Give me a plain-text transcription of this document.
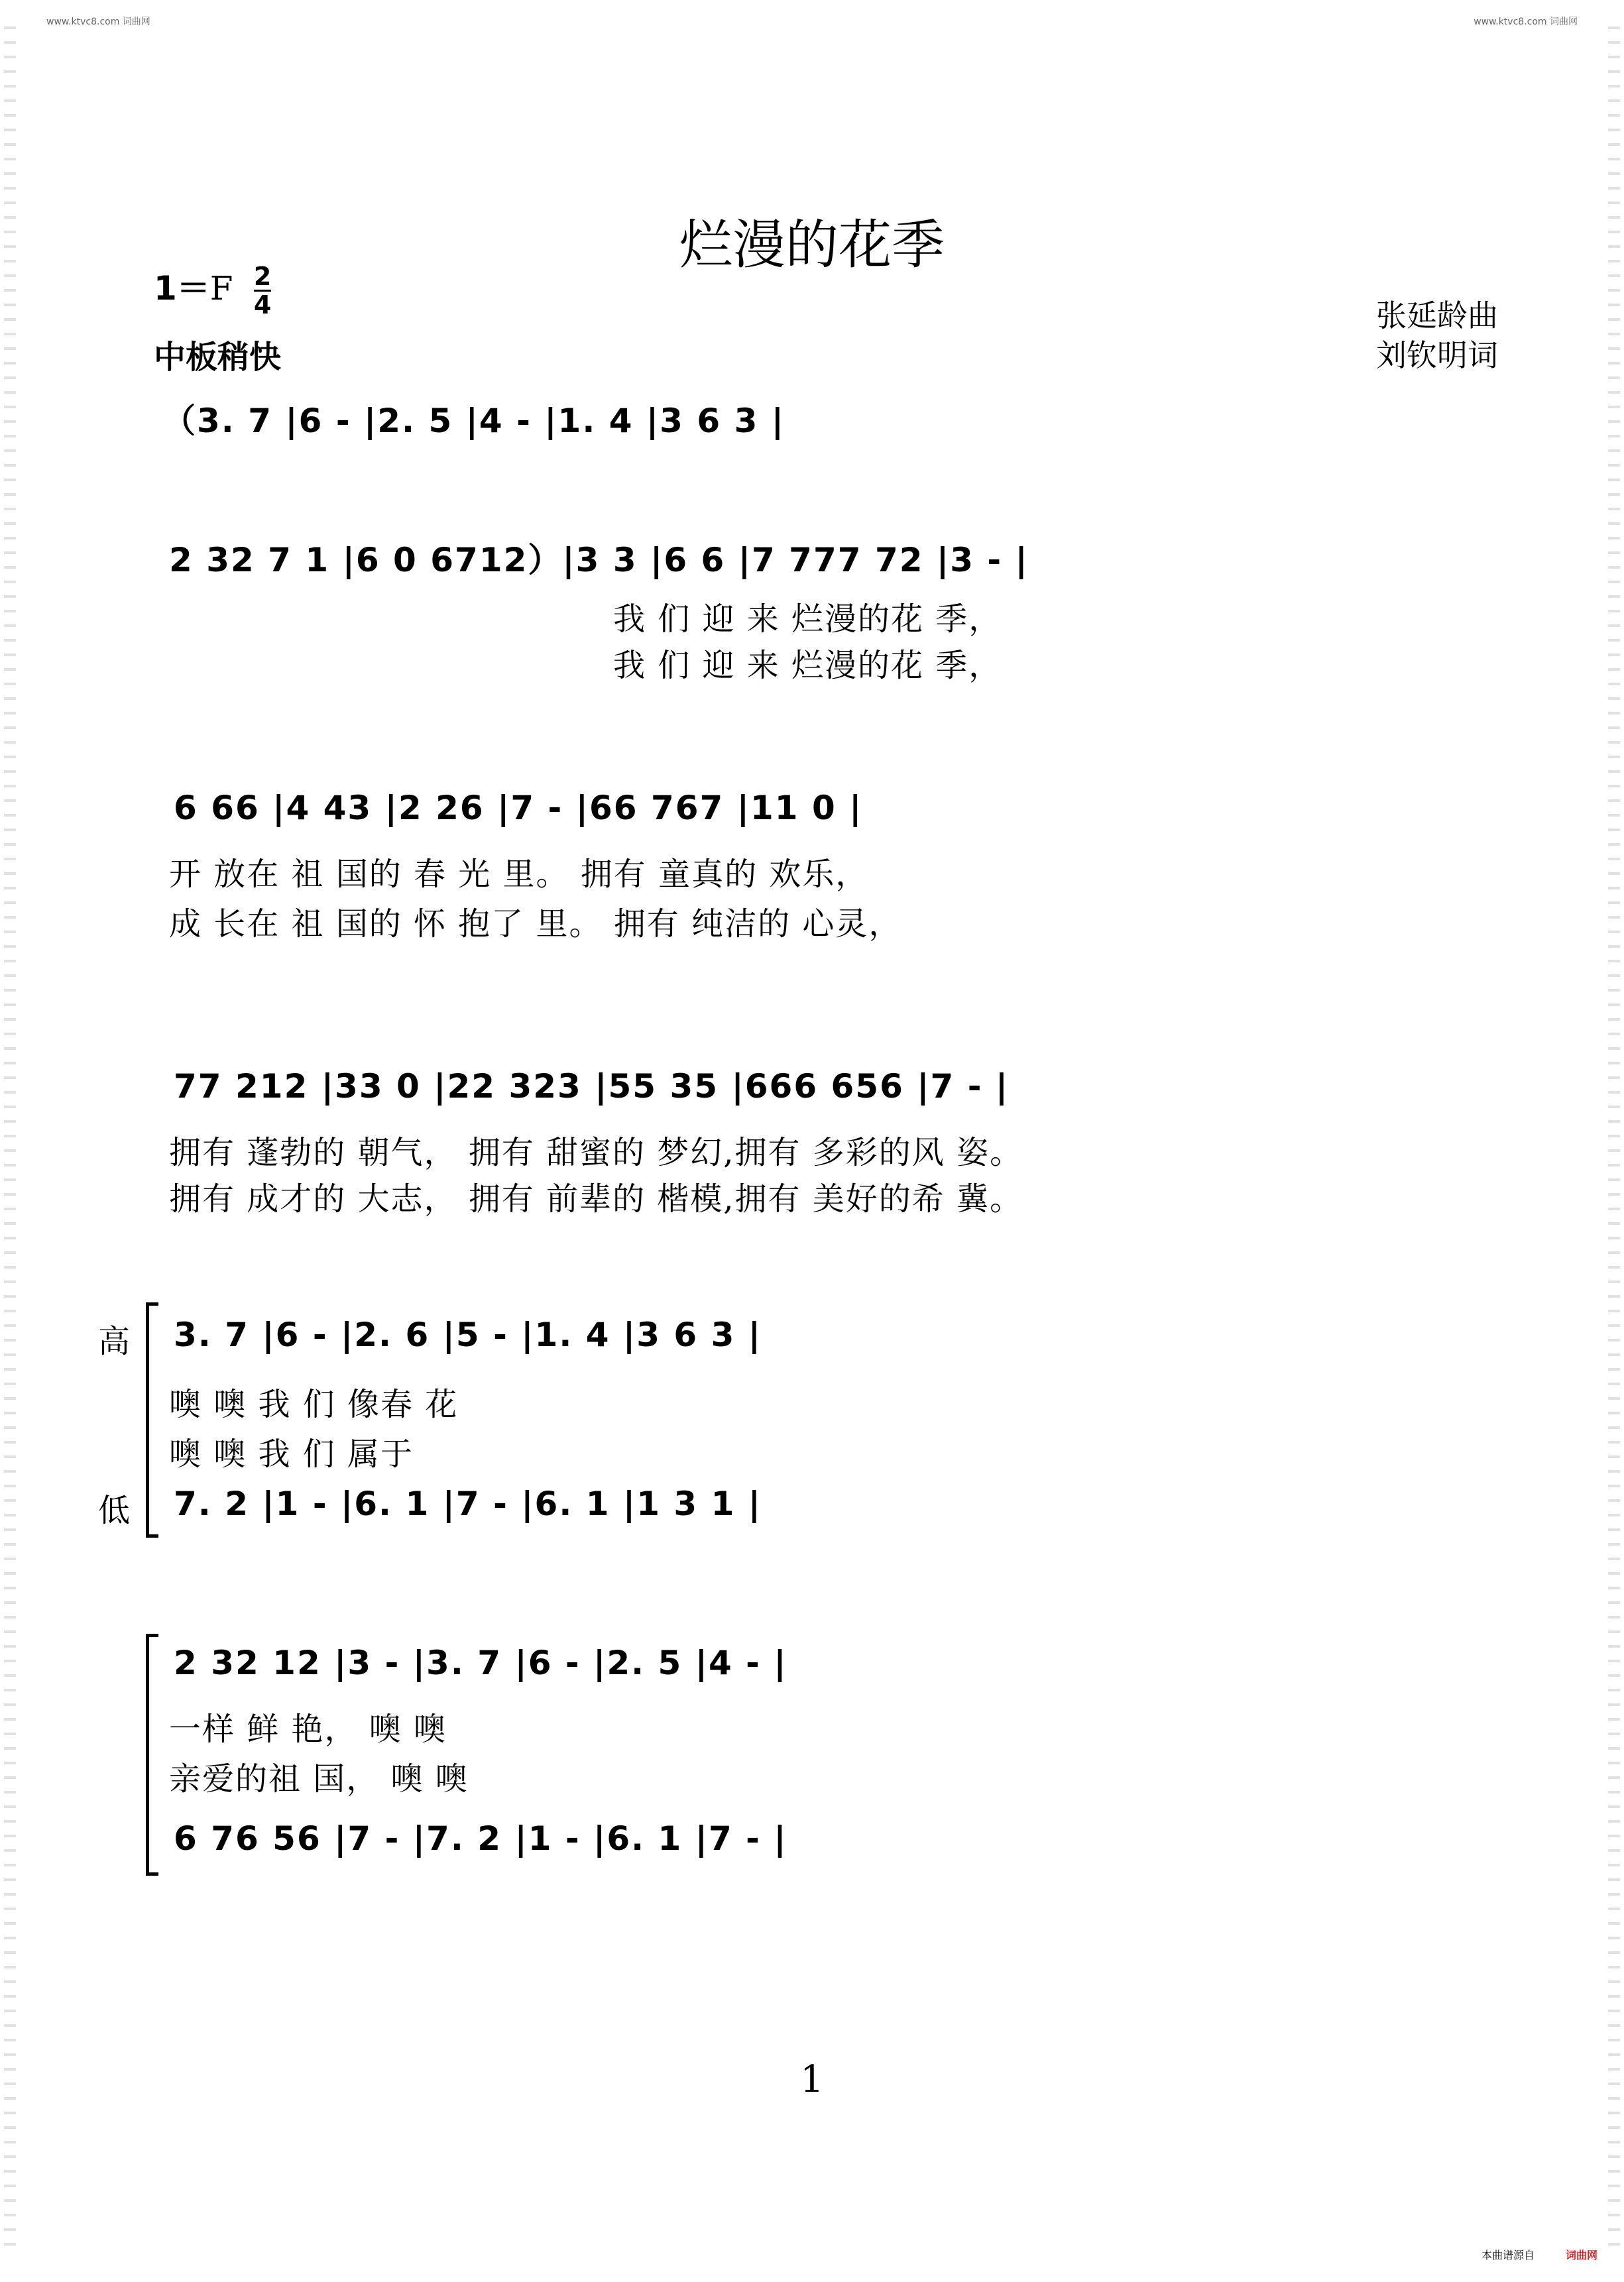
www.ktvc8.com 词曲网	www.ktvc8.com 词曲网
烂漫的花季
$1=F \frac{2}{4}$
中板稍快
张延龄曲
刘钦明词
（3. 7 |6 - |2. 5 |4 - |1. 4 |3 6 3 |
2 32 7 1 |6 0 6712）|3 3 |6 6 |7 777 72 |3 - |
我 们 迎 来 烂漫的花 季，
我 们 迎 来 烂漫的花 季，
6 66 |4 43 |2 26 |7 - |66 767 |11 0 |
开 放在 祖 国的 春 光 里。 拥有 童真的 欢乐，
成 长在 祖 国的 怀 抱了 里。 拥有 纯洁的 心灵，
77 212 |33 0 |22 323 |55 35 |666 656 |7 - |
拥有 蓬勃的 朝气， 拥有 甜蜜的 梦幻,拥有 多彩的风 姿。
拥有 成才的 大志， 拥有 前辈的 楷模,拥有 美好的希 冀。
高
低
3. 7 |6 - |2. 6 |5 - |1. 4 |3 6 3 |
噢 噢 我 们 像春 花
噢 噢 我 们 属于
7. 2 |1 - |6. 1 |7 - |6. 1 |1 3 1 |
2 32 12 |3 - |3. 7 |6 - |2. 5 |4 - |
一样 鲜 艳， 噢 噢
亲爱的祖 国， 噢 噢
6 76 56 |7 - |7. 2 |1 - |6. 1 |7 - |
1
本曲谱源自	词曲网
